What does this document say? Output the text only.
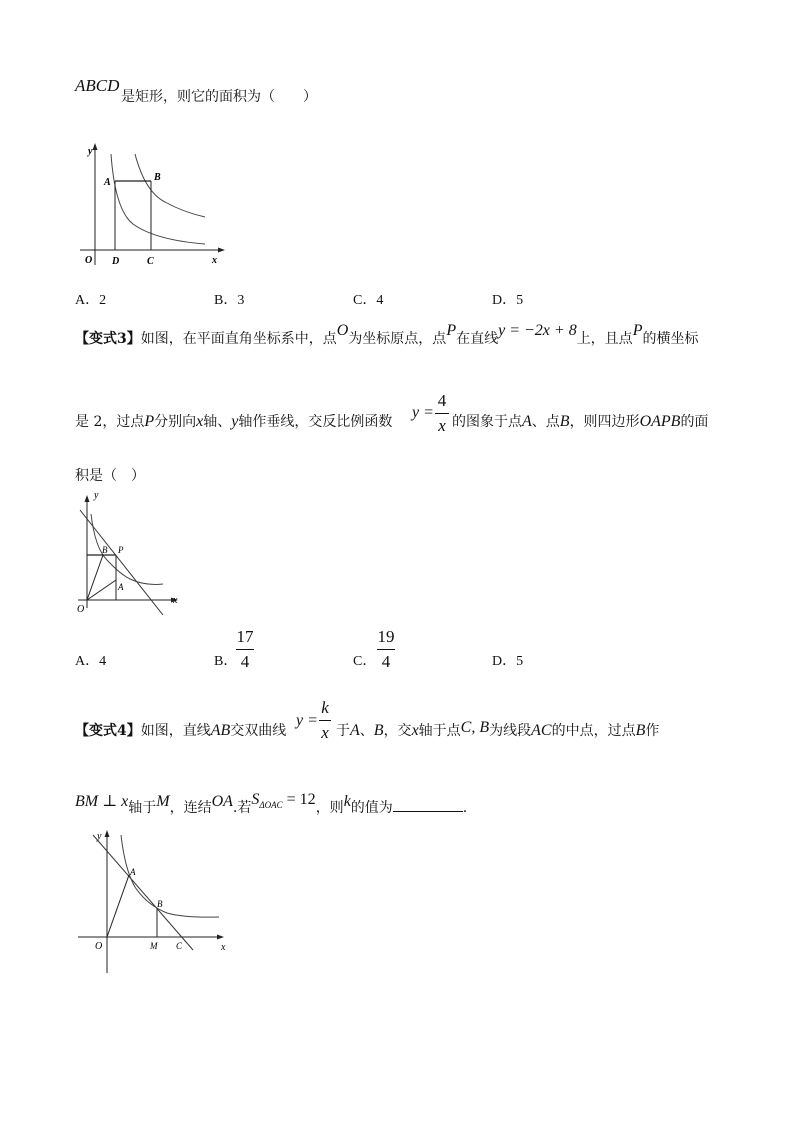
ABCD
是矩形，则它的面积为（　　）
y
x
O
A	B
C
D
A．2	B．3	C．4	D．5
【变式3】如图，在平面直角坐标系中，点O为坐标原点，点P在直线y = −2x + 8上，且点P的横坐标
是 2，过点P分别向x轴、y轴作垂线，交反比例函数
y =
4
x 的图象于点A、点B，则四边形OAPB的面
积是（　）
y
x
O
A
B P
A．4	B．
17
4	C．
19
4	D．5
【变式4】如图，直线AB交双曲线
y =
k
x 于A、B，交x轴于点C, B为线段AC的中点，过点B作
BM ⊥ x轴于M，连结OA.若$S^{\Delta OAC} = 12$，则k的值为	.
y
x
O
A
B
M C
